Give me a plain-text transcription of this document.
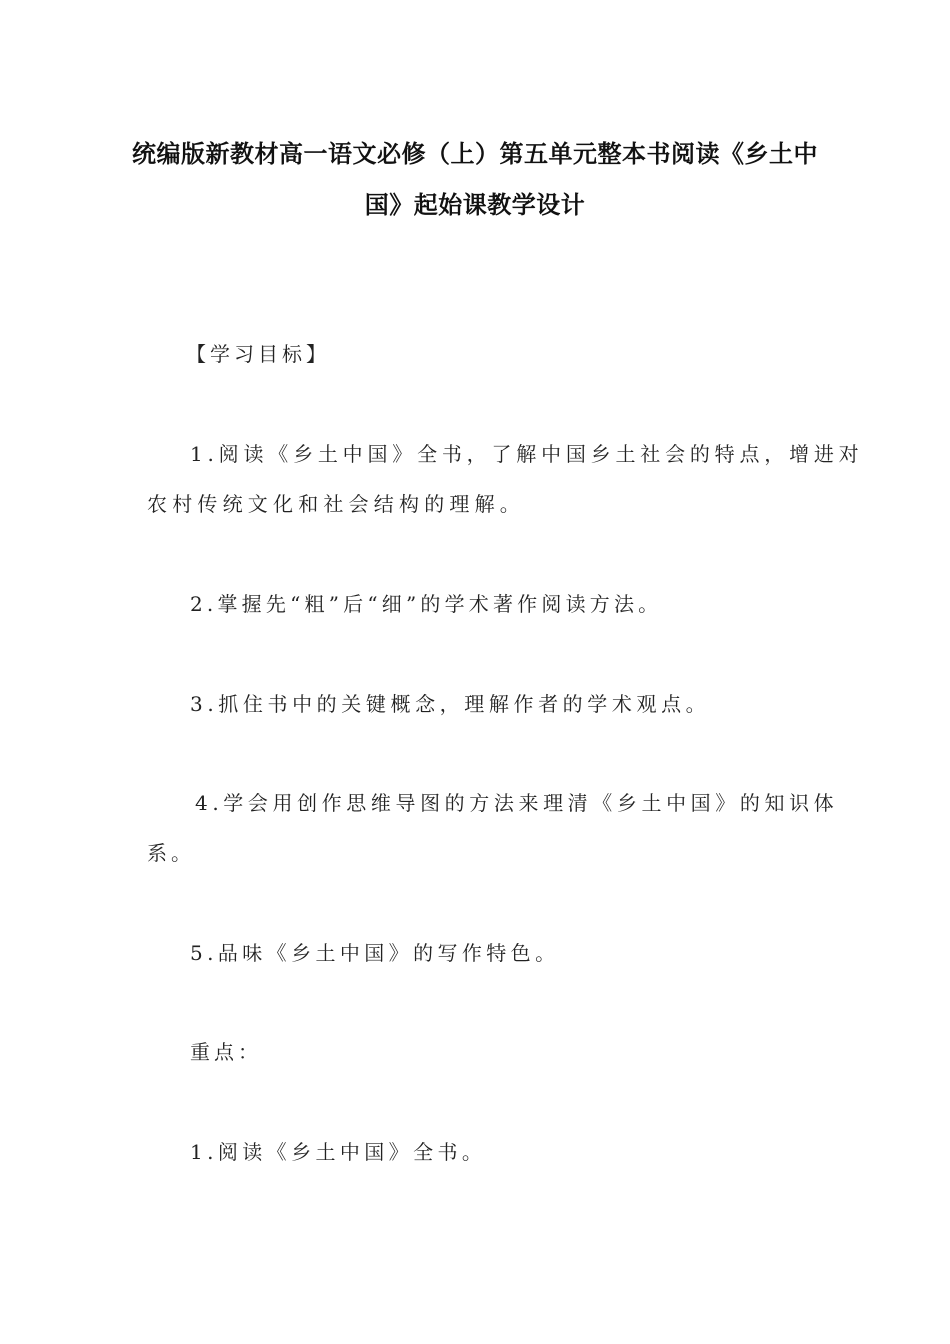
统编版新教材高一语文必修（上）第五单元整本书阅读《乡土中
国》起始课教学设计
【学习目标】
1.阅读《乡土中国》全书，了解中国乡土社会的特点，增进对
农村传统文化和社会结构的理解。
2.掌握先“粗”后“细”的学术著作阅读方法。
3.抓住书中的关键概念，理解作者的学术观点。
4.学会用创作思维导图的方法来理清《乡土中国》的知识体
系。
5.品味《乡土中国》的写作特色。
重点：
1.阅读《乡土中国》全书。
